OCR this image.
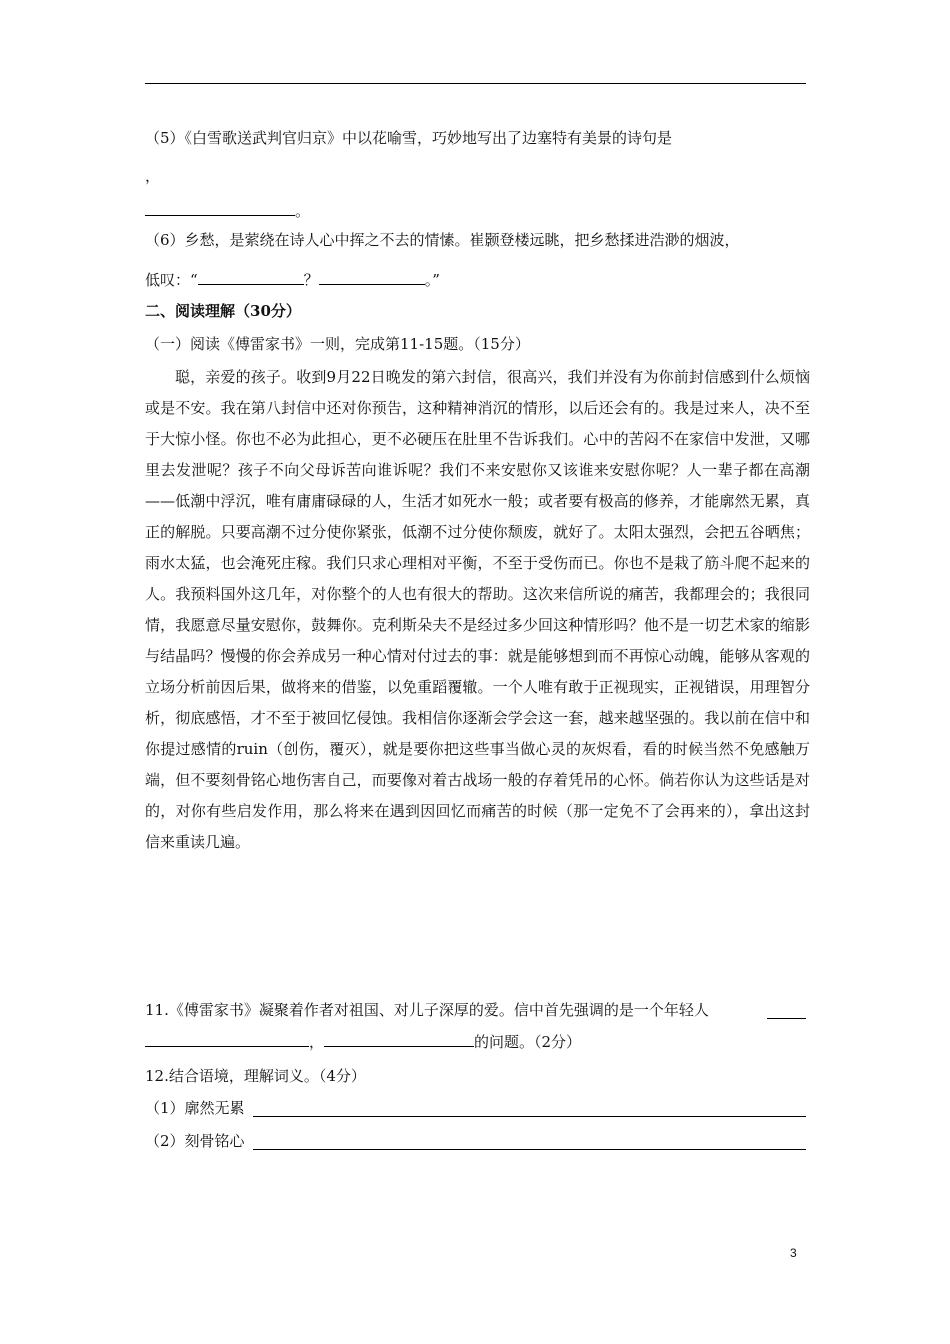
（5）《白雪歌送武判官归京》中以花喻雪，巧妙地写出了边塞特有美景的诗句是
，
。
（6）乡愁，是萦绕在诗人心中挥之不去的情愫。崔颢登楼远眺，把乡愁揉进浩渺的烟波，
低叹：“	？	。”
二、阅读理解（30分）
（一）阅读《傅雷家书》一则，完成第11-15题。（15分）
聪，亲爱的孩子。收到9月22日晚发的第六封信，很高兴，我们并没有为你前封信感到什么烦恼或是不安。我在第八封信中还对你预告，这种精神消沉的情形，以后还会有的。我是过来人，决不至于大惊小怪。你也不必为此担心，更不必硬压在肚里不告诉我们。心中的苦闷不在家信中发泄，又哪里去发泄呢？孩子不向父母诉苦向谁诉呢？我们不来安慰你又该谁来安慰你呢？人一辈子都在高潮——低潮中浮沉，唯有庸庸碌碌的人，生活才如死水一般；或者要有极高的修养，才能廓然无累，真正的解脱。只要高潮不过分使你紧张，低潮不过分使你颓废，就好了。太阳太强烈，会把五谷晒焦；雨水太猛，也会淹死庄稼。我们只求心理相对平衡，不至于受伤而已。你也不是栽了筋斗爬不起来的人。我预料国外这几年，对你整个的人也有很大的帮助。这次来信所说的痛苦，我都理会的；我很同情，我愿意尽量安慰你，鼓舞你。克利斯朵夫不是经过多少回这种情形吗？他不是一切艺术家的缩影与结晶吗？慢慢的你会养成另一种心情对付过去的事：就是能够想到而不再惊心动魄，能够从客观的立场分析前因后果，做将来的借鉴，以免重蹈覆辙。一个人唯有敢于正视现实，正视错误，用理智分析，彻底感悟，才不至于被回忆侵蚀。我相信你逐渐会学会这一套，越来越坚强的。我以前在信中和你提过感情的ruin（创伤，覆灭），就是要你把这些事当做心灵的灰烬看，看的时候当然不免感触万端，但不要刻骨铭心地伤害自己，而要像对着古战场一般的存着凭吊的心怀。倘若你认为这些话是对的，对你有些启发作用，那么将来在遇到因回忆而痛苦的时候（那一定免不了会再来的），拿出这封信来重读几遍。
11.《傅雷家书》凝聚着作者对祖国、对儿子深厚的爱。信中首先强调的是一个年轻人
，	的问题。（2分）
12.结合语境，理解词义。（4分）
（1）廓然无累
（2）刻骨铭心
3
